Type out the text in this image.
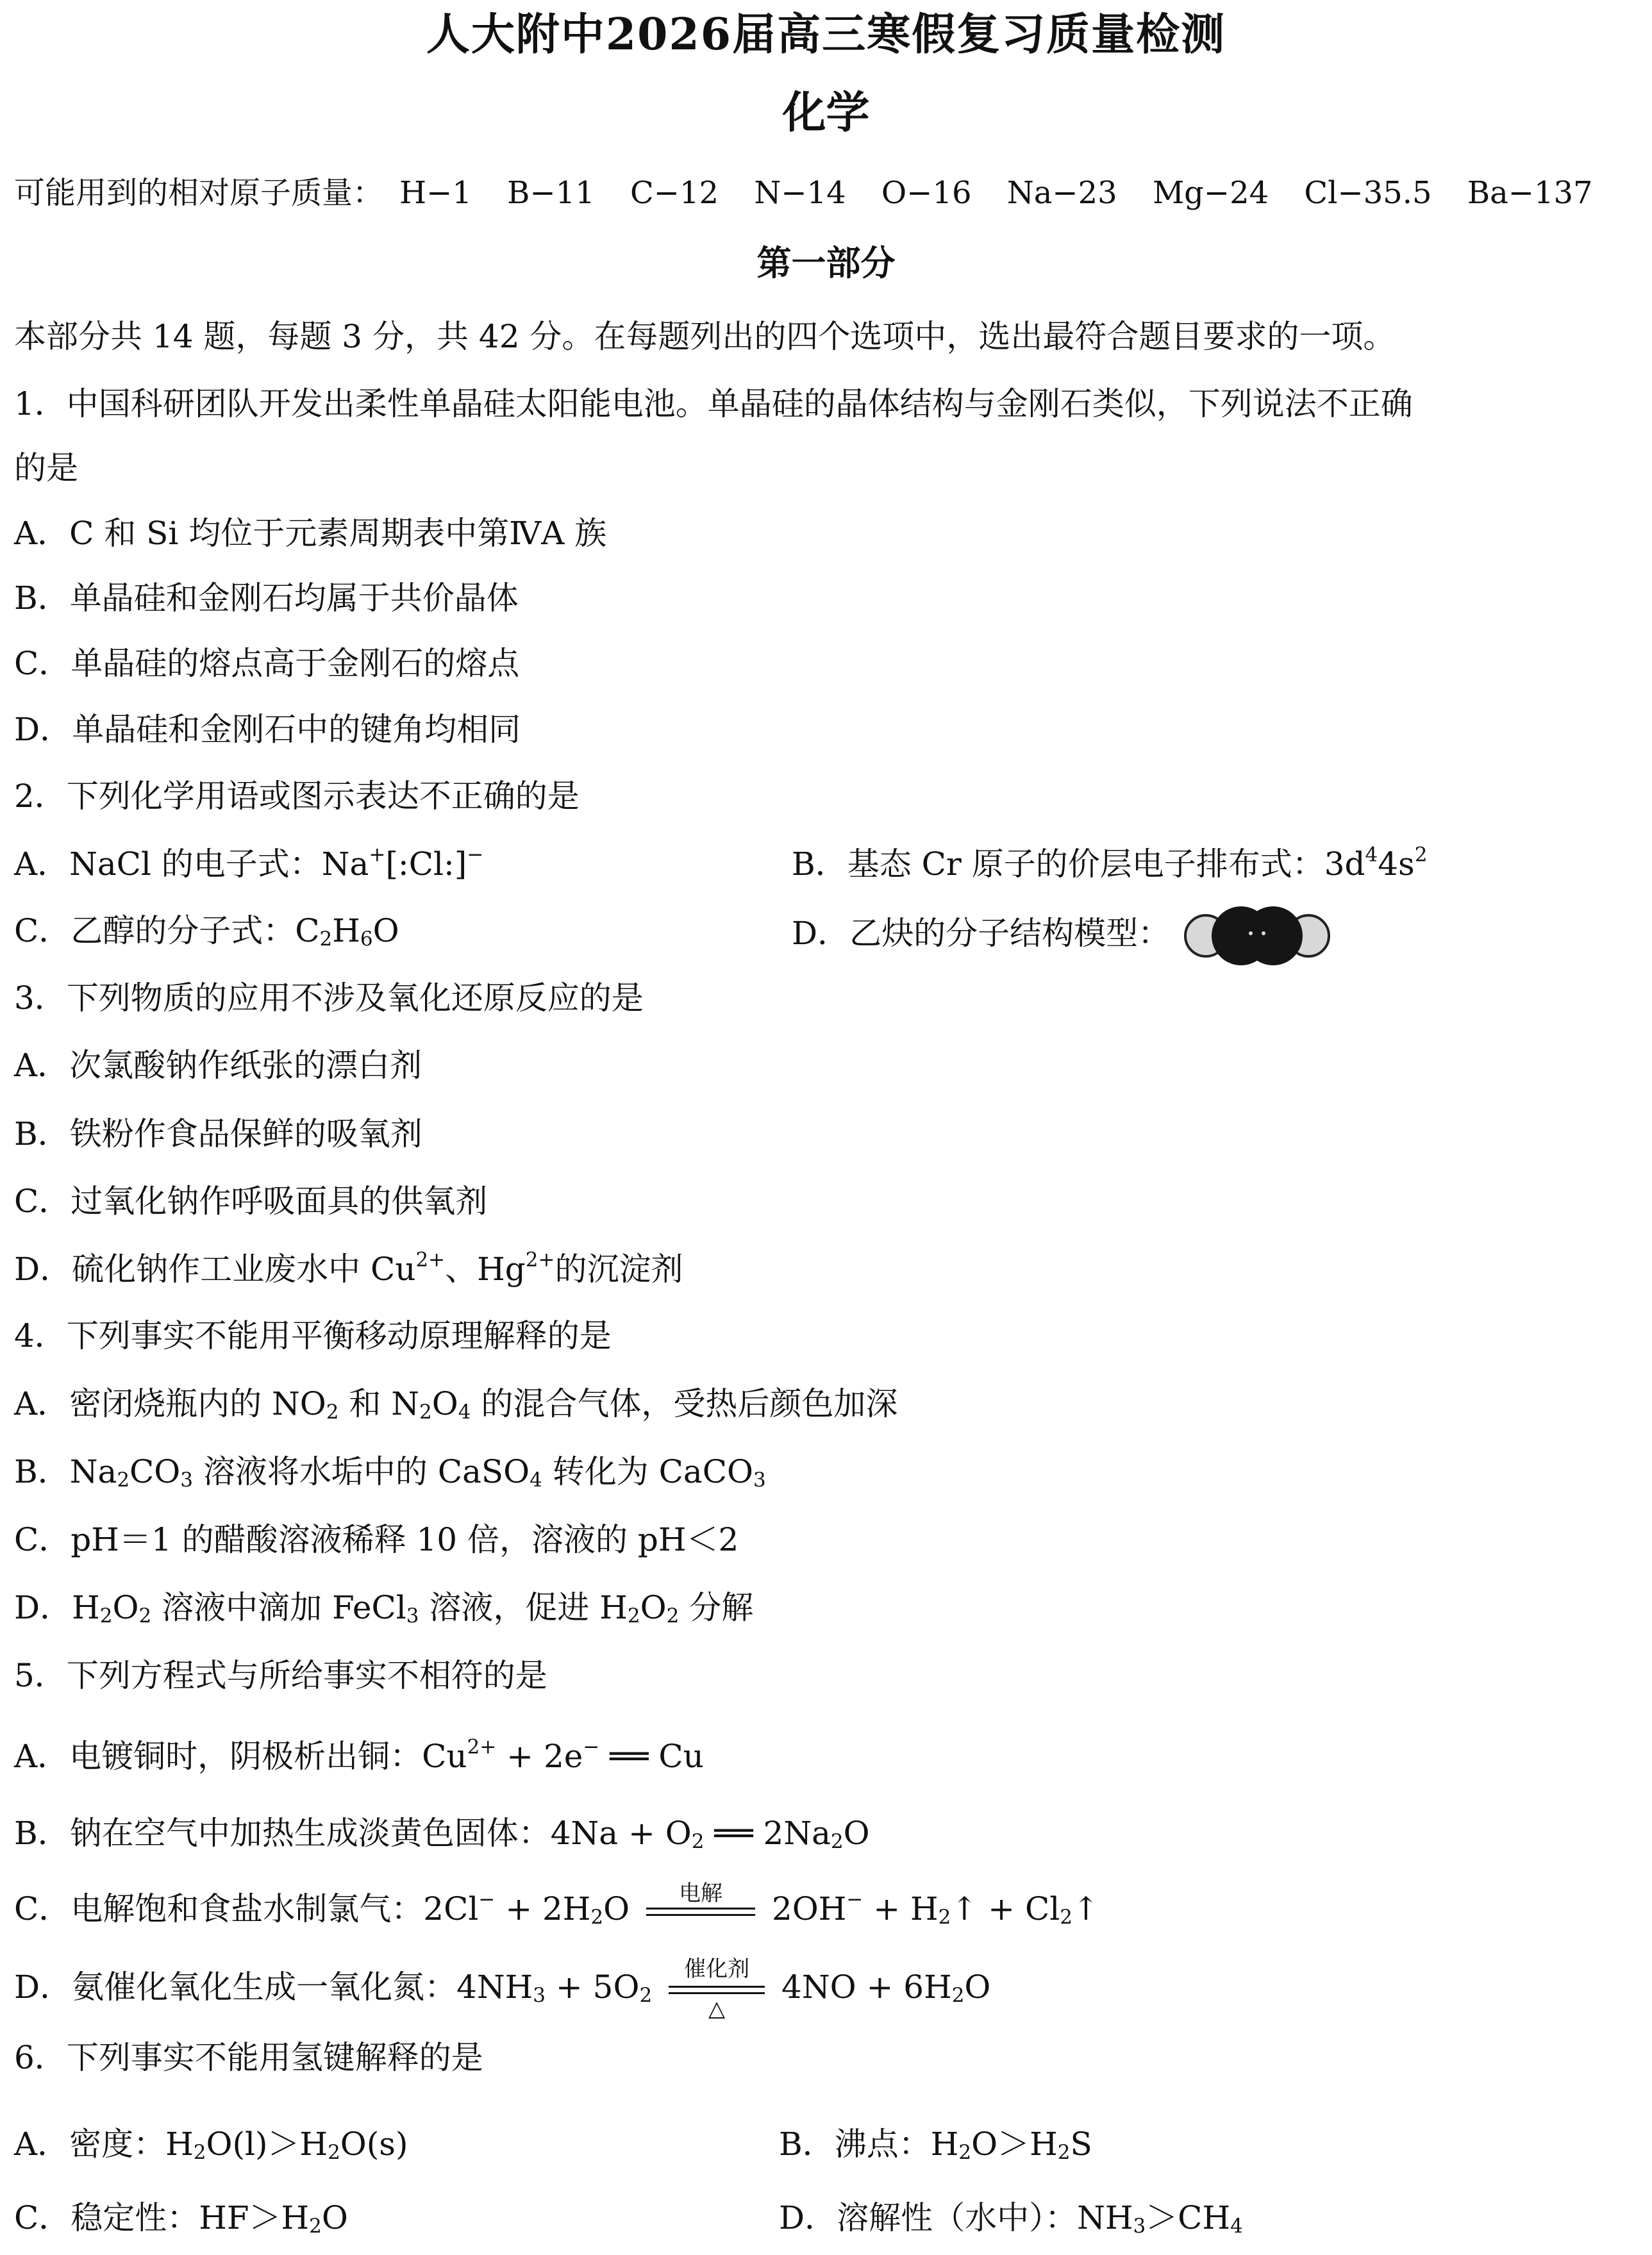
人大附中2026届高三寒假复习质量检测
化学
可能用到的相对原子质量： H−1 B−11 C−12 N−14 O−16 Na−23 Mg−24 Cl−35.5 Ba−137
第一部分
本部分共 14 题，每题 3 分，共 42 分。在每题列出的四个选项中，选出最符合题目要求的一项。
1．中国科研团队开发出柔性单晶硅太阳能电池。单晶硅的晶体结构与金刚石类似，下列说法不正确
的是
A．C 和 Si 均位于元素周期表中第ⅣA 族
B．单晶硅和金刚石均属于共价晶体
C．单晶硅的熔点高于金刚石的熔点
D．单晶硅和金刚石中的键角均相同
2．下列化学用语或图示表达不正确的是
A．NaCl 的电子式：Na+[:Cl:]−	B．基态 Cr 原子的价层电子排布式：$3d^44s^2$
C．乙醇的分子式：$C_2H_6O$	D．乙炔的分子结构模型：
3．下列物质的应用不涉及氧化还原反应的是
A．次氯酸钠作纸张的漂白剂
B．铁粉作食品保鲜的吸氧剂
C．过氧化钠作呼吸面具的供氧剂
D．硫化钠作工业废水中 $Cu^{2+}$、$Hg^{2+}$的沉淀剂
4．下列事实不能用平衡移动原理解释的是
A．密闭烧瓶内的 $NO_2$ 和 $N_2O_4$ 的混合气体，受热后颜色加深
B．$Na_2CO_3$ 溶液将水垢中的 CaSO$_4$ 转化为 CaCO$_3$
C．pH＝1 的醋酸溶液稀释 10 倍，溶液的 pH＜2
D．$H_2O_2$ 溶液中滴加 FeCl$_3$ 溶液，促进 $H_2O_2$ 分解
5．下列方程式与所给事实不相符的是
A．电镀铜时，阴极析出铜：$Cu^{2+} + 2e^-$ ══ Cu
B．钠在空气中加热生成淡黄色固体：$4Na + O_2$ ══ $2Na_2O$
C．电解饱和食盐水制氯气：$2Cl^- + 2H_2O$	电解	$2OH^- + H_2↑$ + $Cl_2↑$
D．氨催化氧化生成一氧化氮：$4NH_3 + 5O_2$
催化剂
△
$4NO + 6H_2O$
6．下列事实不能用氢键解释的是
A．密度：$H_2O(l)>H_2O(s)$	B．沸点：$H_2O>H_2S$
C．稳定性：$HF>H_2O$	D．溶解性（水中）：$NH_3>CH_4$
